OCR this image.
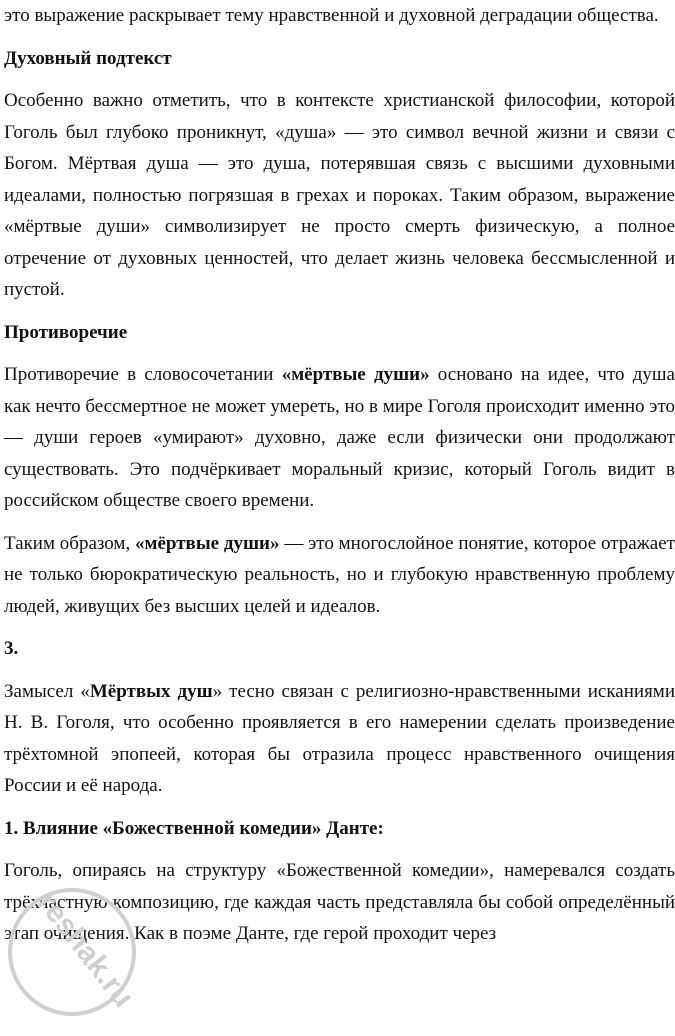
это выражение раскрывает тему нравственной и духовной деградации общества.

Духовный подтекст

Особенно важно отметить, что в контексте христианской философии, которой Гоголь был глубоко проникнут, «душа» — это символ вечной жизни и связи с Богом. Мёртвая душа — это душа, потерявшая связь с высшими духовными идеалами, полностью погрязшая в грехах и пороках. Таким образом, выражение «мёртвые души» символизирует не просто смерть физическую, а полное отречение от духовных ценностей, что делает жизнь человека бессмысленной и пустой.

Противоречие

Противоречие в словосочетании «мёртвые души» основано на идее, что душа как нечто бессмертное не может умереть, но в мире Гоголя происходит именно это — души героев «умирают» духовно, даже если физически они продолжают существовать. Это подчёркивает моральный кризис, который Гоголь видит в российском обществе своего времени.

Таким образом, «мёртвые души» — это многослойное понятие, которое отражает не только бюрократическую реальность, но и глубокую нравственную проблему людей, живущих без высших целей и идеалов.

3.

Замысел «Мёртвых душ» тесно связан с религиозно-нравственными исканиями Н. В. Гоголя, что особенно проявляется в его намерении сделать произведение трёхтомной эпопеей, которая бы отразила процесс нравственного очищения России и её народа.

1. Влияние «Божественной комедии» Данте:

Гоголь, опираясь на структуру «Божественной комедии», намеревался создать трёхчастную композицию, где каждая часть представляла бы собой определённый этап очищения. Как в поэме Данте, где герой проходит через

reshak.ru
